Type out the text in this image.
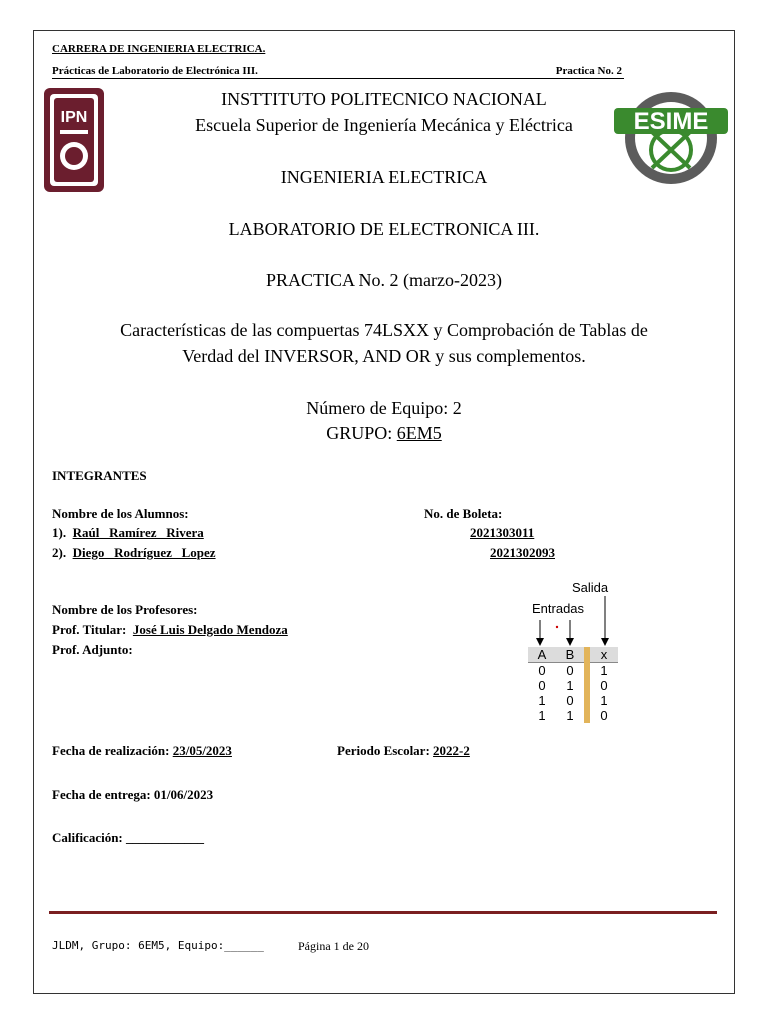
CARRERA DE INGENIERIA ELECTRICA.
Prácticas de Laboratorio de Electrónica III.	Practica No. 2
IPN	ESIME
INSTTITUTO POLITECNICO NACIONAL
Escuela Superior de Ingeniería Mecánica y Eléctrica
INGENIERIA ELECTRICA
LABORATORIO DE ELECTRONICA III.
PRACTICA No. 2 (marzo-2023)
Características de las compuertas 74LSXX y Comprobación de Tablas de
Verdad del INVERSOR, AND OR y sus complementos.
Número de Equipo: 2
GRUPO: 6EM5
INTEGRANTES
Nombre de los Alumnos:	No. de Boleta:
1). Raúl   Ramírez   Rivera	2021303011
2). Diego   Rodríguez   Lopez	2021302093
Nombre de los Profesores:
Prof. Titular: José Luis Delgado Mendoza
Prof. Adjunto:
Salida
Entradas
A	B	x
0	0	1
0	1	0
1	0	1
1	1	0
Fecha de realización: 23/05/2023	Periodo Escolar: 2022-2
Fecha de entrega: 01/06/2023
Calificación: ____________
JLDM, Grupo: 6EM5, Equipo:______	Página 1 de 20
